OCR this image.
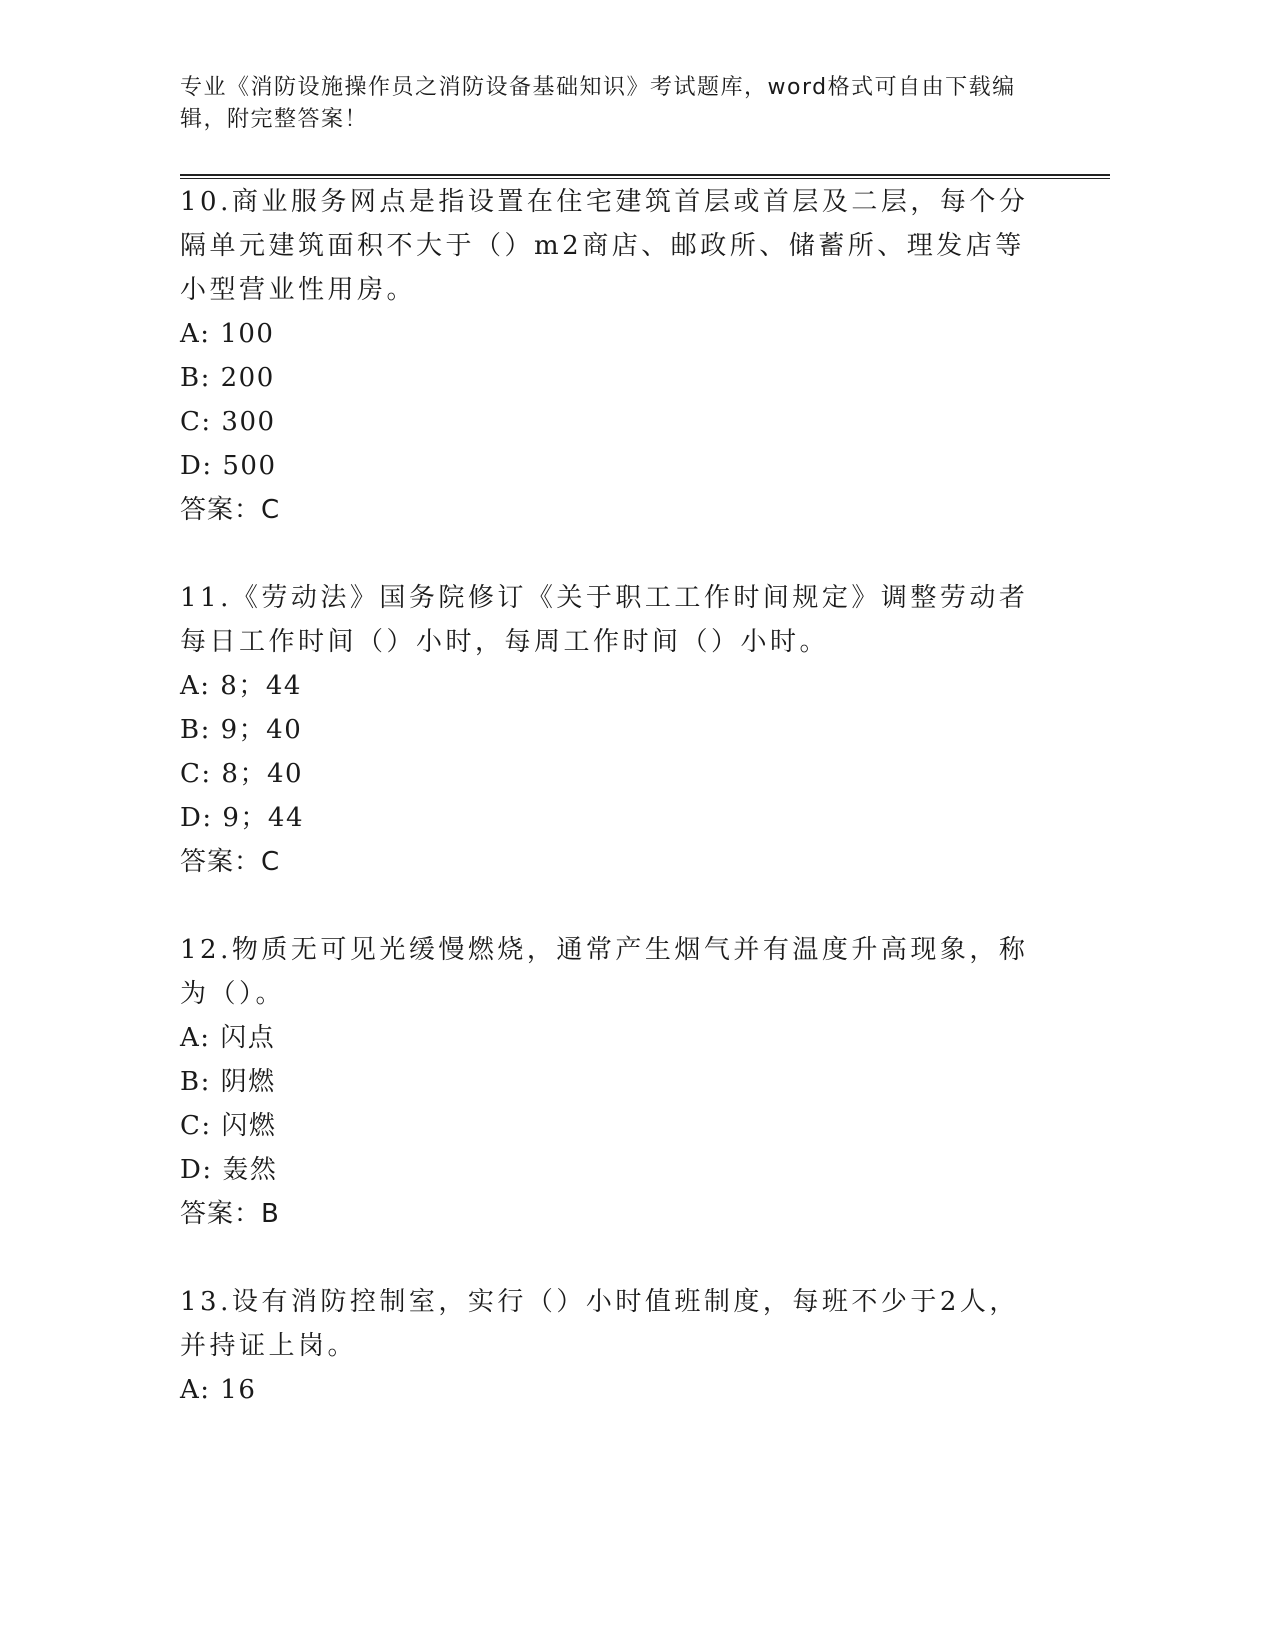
专业《消防设施操作员之消防设备基础知识》考试题库，word格式可自由下载编辑，附完整答案！
10.商业服务网点是指设置在住宅建筑首层或首层及二层，每个分隔单元建筑面积不大于（）m2商店、邮政所、储蓄所、理发店等小型营业性用房。
A: 100
B: 200
C: 300
D: 500
答案：C
11.《劳动法》国务院修订《关于职工工作时间规定》调整劳动者每日工作时间（）小时，每周工作时间（）小时。
A: 8；44
B: 9；40
C: 8；40
D: 9；44
答案：C
12.物质无可见光缓慢燃烧，通常产生烟气并有温度升高现象，称为（）。
A: 闪点
B: 阴燃
C: 闪燃
D: 轰然
答案：B
13.设有消防控制室，实行（）小时值班制度，每班不少于2人，并持证上岗。
A: 16
